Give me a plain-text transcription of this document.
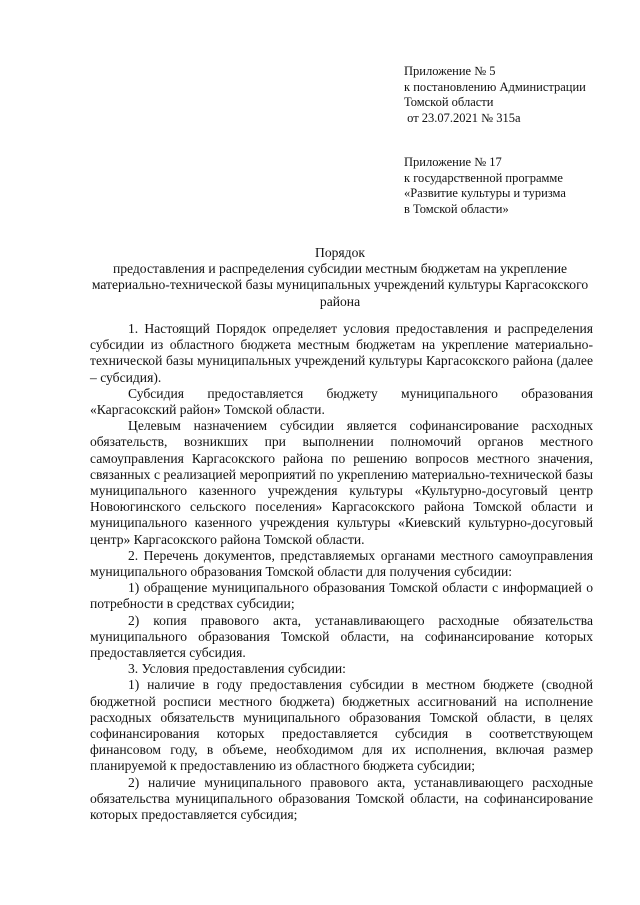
Приложение № 5
к постановлению Администрации
Томской области
от 23.07.2021 № 315а
Приложение № 17
к государственной программе
«Развитие культуры и туризма
в Томской области»
Порядок
предоставления и распределения субсидии местным бюджетам на укрепление материально-технической базы муниципальных учреждений культуры Каргасокского района

1. Настоящий Порядок определяет условия предоставления и распределения субсидии из областного бюджета местным бюджетам на укрепление материально-технической базы муниципальных учреждений культуры Каргасокского района (далее – субсидия).

Субсидия предоставляется бюджету муниципального образования «Каргасокский район» Томской области.

Целевым назначением субсидии является софинансирование расходных обязательств, возникших при выполнении полномочий органов местного самоуправления Каргасокского района по решению вопросов местного значения, связанных с реализацией мероприятий по укреплению материально-технической базы муниципального казенного учреждения культуры «Культурно-досуговый центр Новоюгинского сельского поселения» Каргасокского района Томской области и муниципального казенного учреждения культуры «Киевский культурно-досуговый центр» Каргасокского района Томской области.

2. Перечень документов, представляемых органами местного самоуправления муниципального образования Томской области для получения субсидии:

1) обращение муниципального образования Томской области с информацией о потребности в средствах субсидии;

2) копия правового акта, устанавливающего расходные обязательства муниципального образования Томской области, на софинансирование которых предоставляется субсидия.

3. Условия предоставления субсидии:

1) наличие в году предоставления субсидии в местном бюджете (сводной бюджетной росписи местного бюджета) бюджетных ассигнований на исполнение расходных обязательств муниципального образования Томской области, в целях софинансирования которых предоставляется субсидия в соответствующем финансовом году, в объеме, необходимом для их исполнения, включая размер планируемой к предоставлению из областного бюджета субсидии;

2) наличие муниципального правового акта, устанавливающего расходные обязательства муниципального образования Томской области, на софинансирование которых предоставляется субсидия;
